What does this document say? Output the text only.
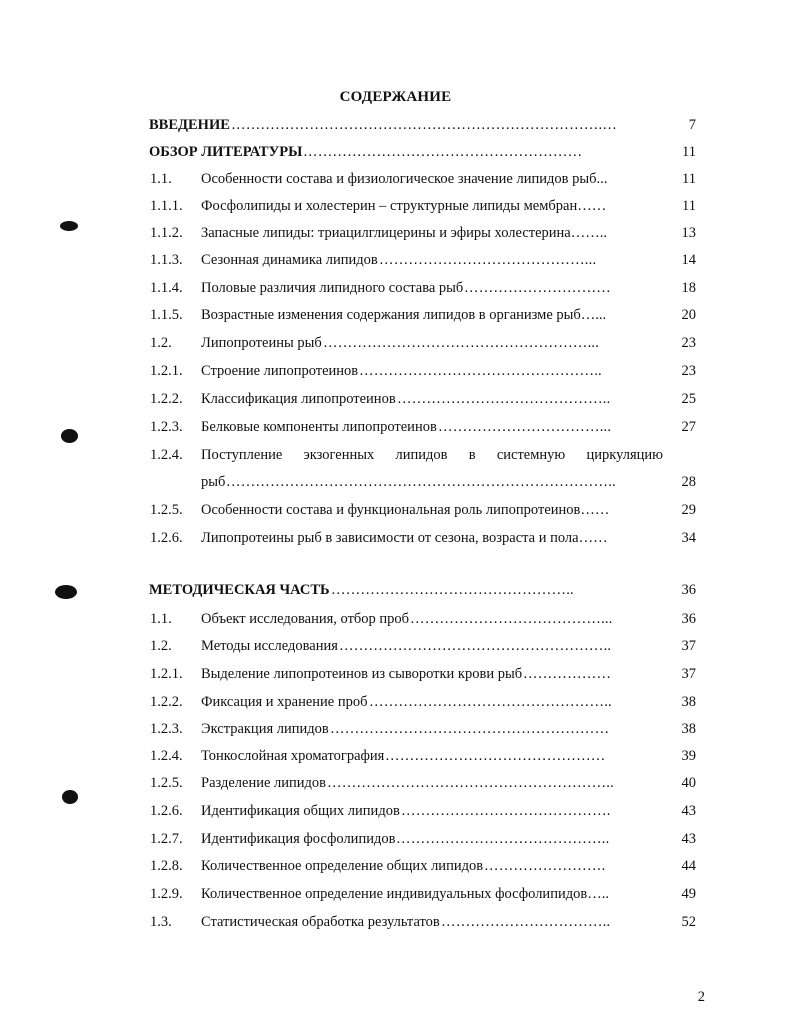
СОДЕРЖАНИЕ
ВВЕДЕНИЕ ………………………………………………………………….…	7
ОБЗОР ЛИТЕРАТУРЫ …………………………………………………	11
1.1. Особенности состава и физиологическое значение липидов рыб...	11
1.1.1. Фосфолипиды и холестерин – структурные липиды мембран……	11
1.1.2. Запасные липиды: триацилглицерины и эфиры холестерина……..	13
1.1.3. Сезонная динамика липидов ……………………………………...	14
1.1.4. Половые различия липидного состава рыб …………………………	18
1.1.5. Возрастные изменения содержания липидов в организме рыб…...	20
1.2. Липопротеины рыб ………………………………………………...	23
1.2.1. Строение липопротеинов …………………………………………..	23
1.2.2. Классификация липопротеинов ……………………………………..	25
1.2.3. Белковые компоненты липопротеинов ……………………………...	27
1.2.4. Поступление экзогенных липидов в системную циркуляцию
рыб ……………………………………………………………………..	28
1.2.5. Особенности состава и функциональная роль липопротеинов……	29
1.2.6. Липопротеины рыб в зависимости от сезона, возраста и пола……	34
МЕТОДИЧЕСКАЯ ЧАСТЬ …………………………………………..	36
1.1. Объект исследования, отбор проб …………………………………...	36
1.2. Методы исследования ………………………………………………..	37
1.2.1. Выделение липопротеинов из сыворотки крови рыб ………………	37
1.2.2. Фиксация и хранение проб …………………………………………..	38
1.2.3. Экстракция липидов …………………………………………………	38
1.2.4. Тонкослойная хроматография ………………………………………	39
1.2.5. Разделение липидов …………………………………………………..	40
1.2.6. Идентификация общих липидов …………………………………….	43
1.2.7. Идентификация фосфолипидов ……………………………………..	43
1.2.8. Количественное определение общих липидов …………………….	44
1.2.9. Количественное определение индивидуальных фосфолипидов…..	49
1.3. Статистическая обработка результатов ……………………………..	52
2
